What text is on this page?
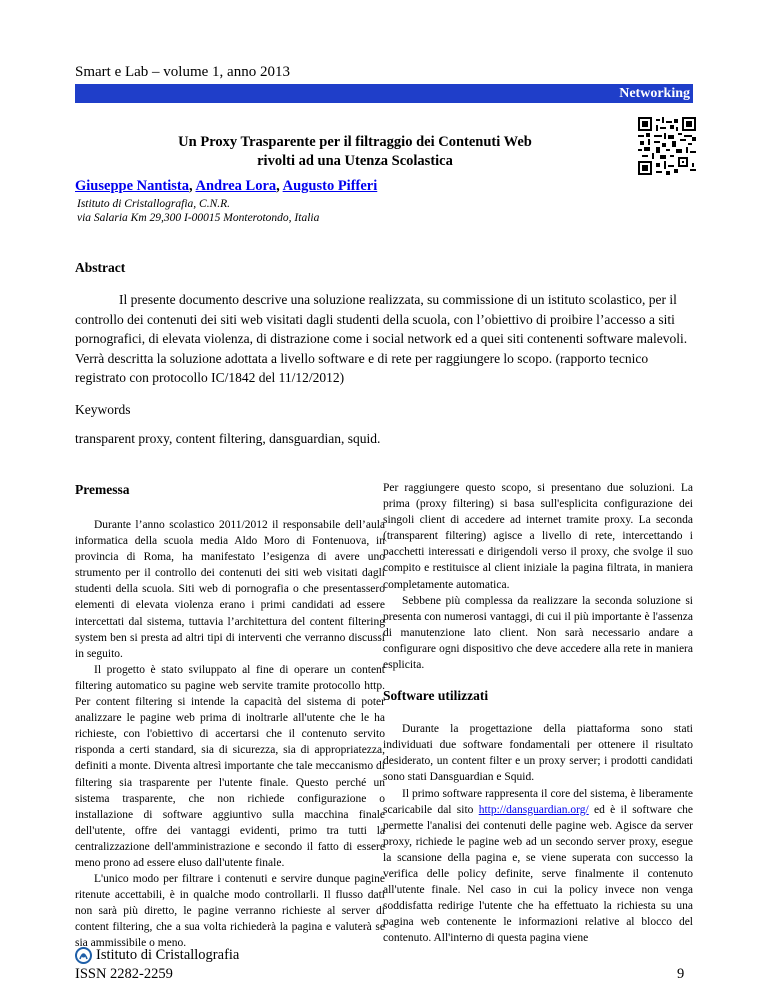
Smart e Lab – volume 1, anno 2013
Networking
Un Proxy Trasparente per il filtraggio dei Contenuti Web
rivolti ad una Utenza Scolastica
Giuseppe Nantista, Andrea Lora, Augusto Pifferi
Istituto di Cristallografia, C.N.R.
via Salaria Km 29,300 I-00015 Monterotondo, Italia
Abstract

Il presente documento descrive una soluzione realizzata, su commissione di un istituto scolastico, per il controllo dei contenuti dei siti web visitati dagli studenti della scuola, con l’obiettivo di proibire l’accesso a siti pornografici, di elevata violenza, di distrazione come i social network ed a quei siti contenenti software malevoli. Verrà descritta la soluzione adottata a livello software e di rete per raggiungere lo scopo. (rapporto tecnico registrato con protocollo IC/1842 del 11/12/2012)

Keywords
transparent proxy, content filtering, dansguardian, squid.
Premessa

Durante l’anno scolastico 2011/2012 il responsabile dell’aula informatica della scuola media Aldo Moro di Fontenuova, in provincia di Roma, ha manifestato l’esigenza di avere uno strumento per il controllo dei contenuti dei siti web visitati dagli studenti della scuola. Siti web di pornografia o che presentassero elementi di elevata violenza erano i primi candidati ad essere intercettati dal sistema, tuttavia l’architettura del content filtering system ben si presta ad altri tipi di interventi che verranno discussi in seguito.

Il progetto è stato sviluppato al fine di operare un content filtering automatico su pagine web servite tramite protocollo http. Per content filtering si intende la capacità del sistema di poter analizzare le pagine web prima di inoltrarle all'utente che le ha richieste, con l'obiettivo di accertarsi che il contenuto servito risponda a certi standard, sia di sicurezza, sia di appropriatezza, definiti a monte. Diventa altresì importante che tale meccanismo di filtering sia trasparente per l'utente finale. Questo perché un sistema trasparente, che non richiede configurazione o installazione di software aggiuntivo sulla macchina finale dell'utente, offre dei vantaggi evidenti, primo tra tutti la centralizzazione dell'amministrazione e secondo il fatto di essere meno prono ad essere eluso dall'utente finale.

L'unico modo per filtrare i contenuti e servire dunque pagine ritenute accettabili, è in qualche modo controllarli. Il flusso dati non sarà più diretto, le pagine verranno richieste al server di content filtering, che a sua volta richiederà la pagina e valuterà se sia ammissibile o meno.

Per raggiungere questo scopo, si presentano due soluzioni. La prima (proxy filtering) si basa sull'esplicita configurazione dei singoli client di accedere ad internet tramite proxy. La seconda (transparent filtering) agisce a livello di rete, intercettando i pacchetti interessati e dirigendoli verso il proxy, che svolge il suo compito e restituisce al client iniziale la pagina filtrata, in maniera completamente automatica.

Sebbene più complessa da realizzare la seconda soluzione si presenta con numerosi vantaggi, di cui il più importante è l'assenza di manutenzione lato client. Non sarà necessario andare a configurare ogni dispositivo che deve accedere alla rete in maniera esplicita.

Software utilizzati

Durante la progettazione della piattaforma sono stati individuati due software fondamentali per ottenere il risultato desiderato, un content filter e un proxy server; i prodotti candidati sono stati Dansguardian e Squid.

Il primo software rappresenta il core del sistema, è liberamente scaricabile dal sito http://dansguardian.org/ ed è il software che permette l'analisi dei contenuti delle pagine web. Agisce da server proxy, richiede le pagine web ad un secondo server proxy, esegue la scansione della pagina e, se viene superata con successo la verifica delle policy definite, serve finalmente il contenuto all'utente finale. Nel caso in cui la policy invece non venga soddisfatta redirige l'utente che ha effettuato la richiesta su una pagina web contenente le informazioni relative al blocco del contenuto. All'interno di questa pagina viene

Istituto di Cristallografia
ISSN 2282-2259	9
